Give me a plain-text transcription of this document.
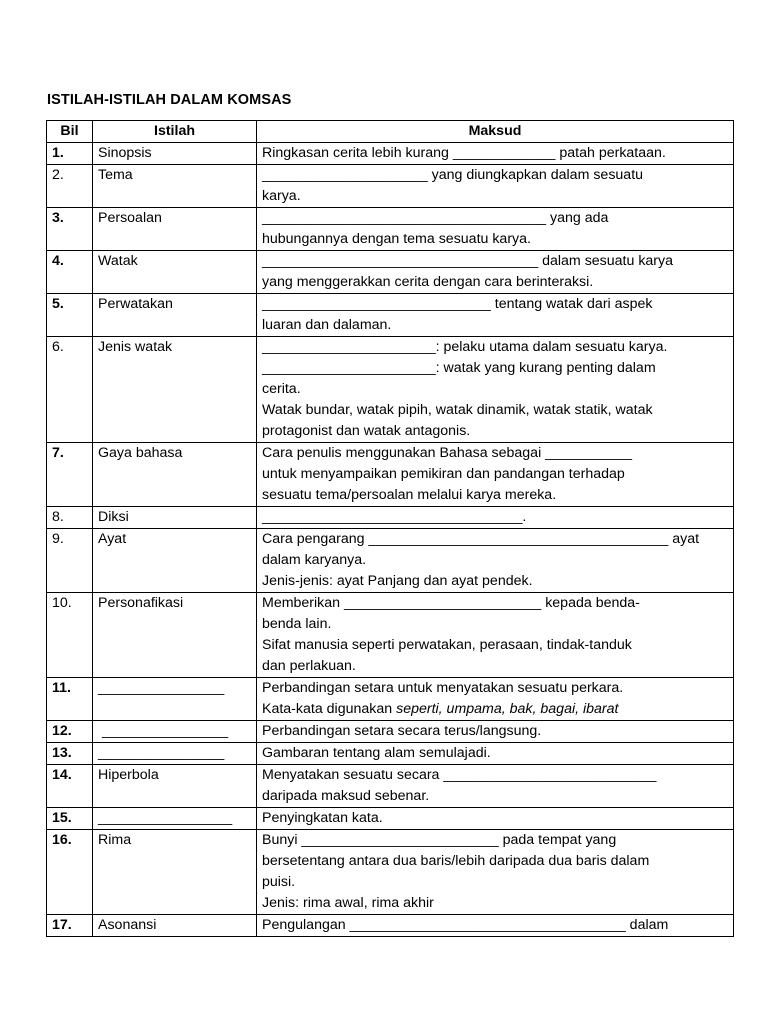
ISTILAH-ISTILAH DALAM KOMSAS
Bil	Istilah	Maksud
1.	Sinopsis	Ringkasan cerita lebih kurang _____________ patah perkataan.

2.	Tema	_____________________ yang diungkapkan dalam sesuatu
karya.

3.	Persoalan	____________________________________ yang ada
hubungannya dengan tema sesuatu karya.

4.	Watak	___________________________________ dalam sesuatu karya
yang menggerakkan cerita dengan cara berinteraksi.

5.	Perwatakan	_____________________________ tentang watak dari aspek
luaran dan dalaman.

6.	Jenis watak	______________________: pelaku utama dalam sesuatu karya.
______________________: watak yang kurang penting dalam
cerita.
Watak bundar, watak pipih, watak dinamik, watak statik, watak
protagonist dan watak antagonis.

7.	Gaya bahasa	Cara penulis menggunakan Bahasa sebagai ___________
untuk menyampaikan pemikiran dan pandangan terhadap
sesuatu tema/persoalan melalui karya mereka.

8.	Diksi	_________________________________.

9.	Ayat	Cara pengarang ______________________________________ ayat
dalam karyanya.
Jenis-jenis: ayat Panjang dan ayat pendek.

10.	Personafikasi	Memberikan _________________________ kepada benda-
benda lain.
Sifat manusia seperti perwatakan, perasaan, tindak-tanduk
dan perlakuan.

11.	________________	Perbandingan setara untuk menyatakan sesuatu perkara.
Kata-kata digunakan seperti, umpama, bak, bagai, ibarat

12.	________________	Perbandingan setara secara terus/langsung.

13.	________________	Gambaran tentang alam semulajadi.

14.	Hiperbola	Menyatakan sesuatu secara ___________________________
daripada maksud sebenar.

15.	_________________	Penyingkatan kata.

16.	Rima	Bunyi _________________________ pada tempat yang
bersetentang antara dua baris/lebih daripada dua baris dalam
puisi.
Jenis: rima awal, rima akhir

17.	Asonansi	Pengulangan ___________________________________ dalam
